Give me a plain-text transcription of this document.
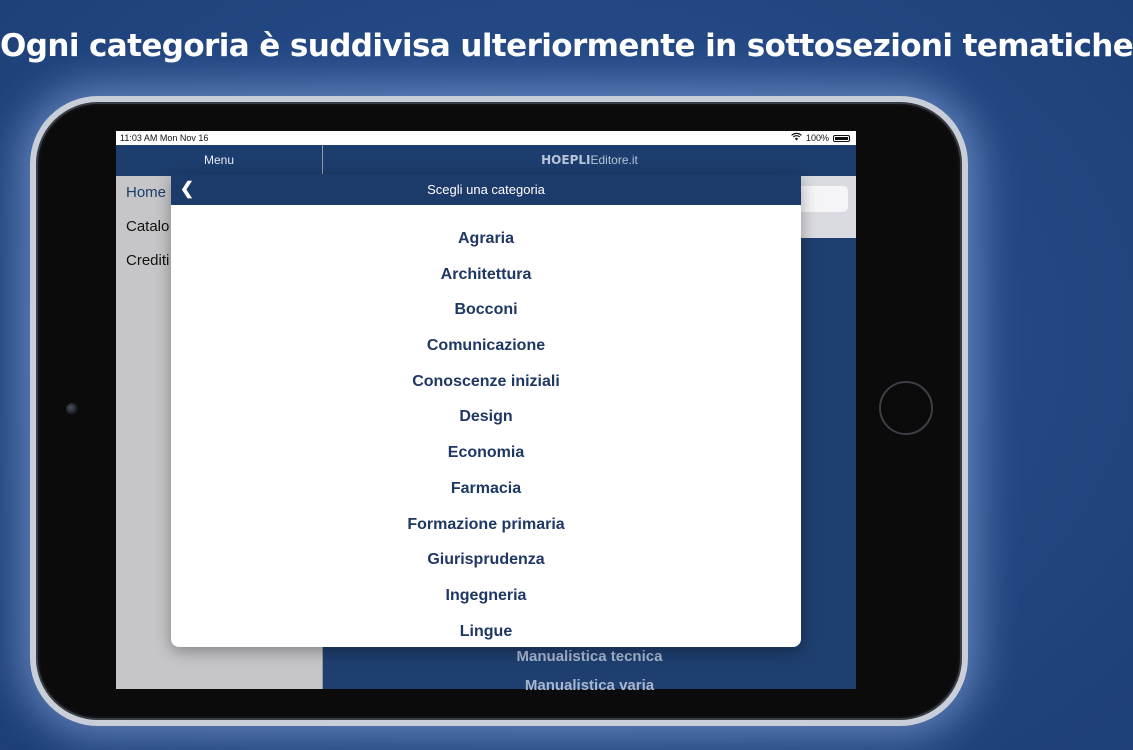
Ogni categoria è suddivisa ulteriormente in sottosezioni tematiche
11:03 AM Mon Nov 16	100%
Menu
Home
Catalo
Crediti
HOEPLIEditore.it
Manualistica tecnica
Manualistica varia
❮	Scegli una categoria
Agraria
Architettura
Bocconi
Comunicazione
Conoscenze iniziali
Design
Economia
Farmacia
Formazione primaria
Giurisprudenza
Ingegneria
Lingue
